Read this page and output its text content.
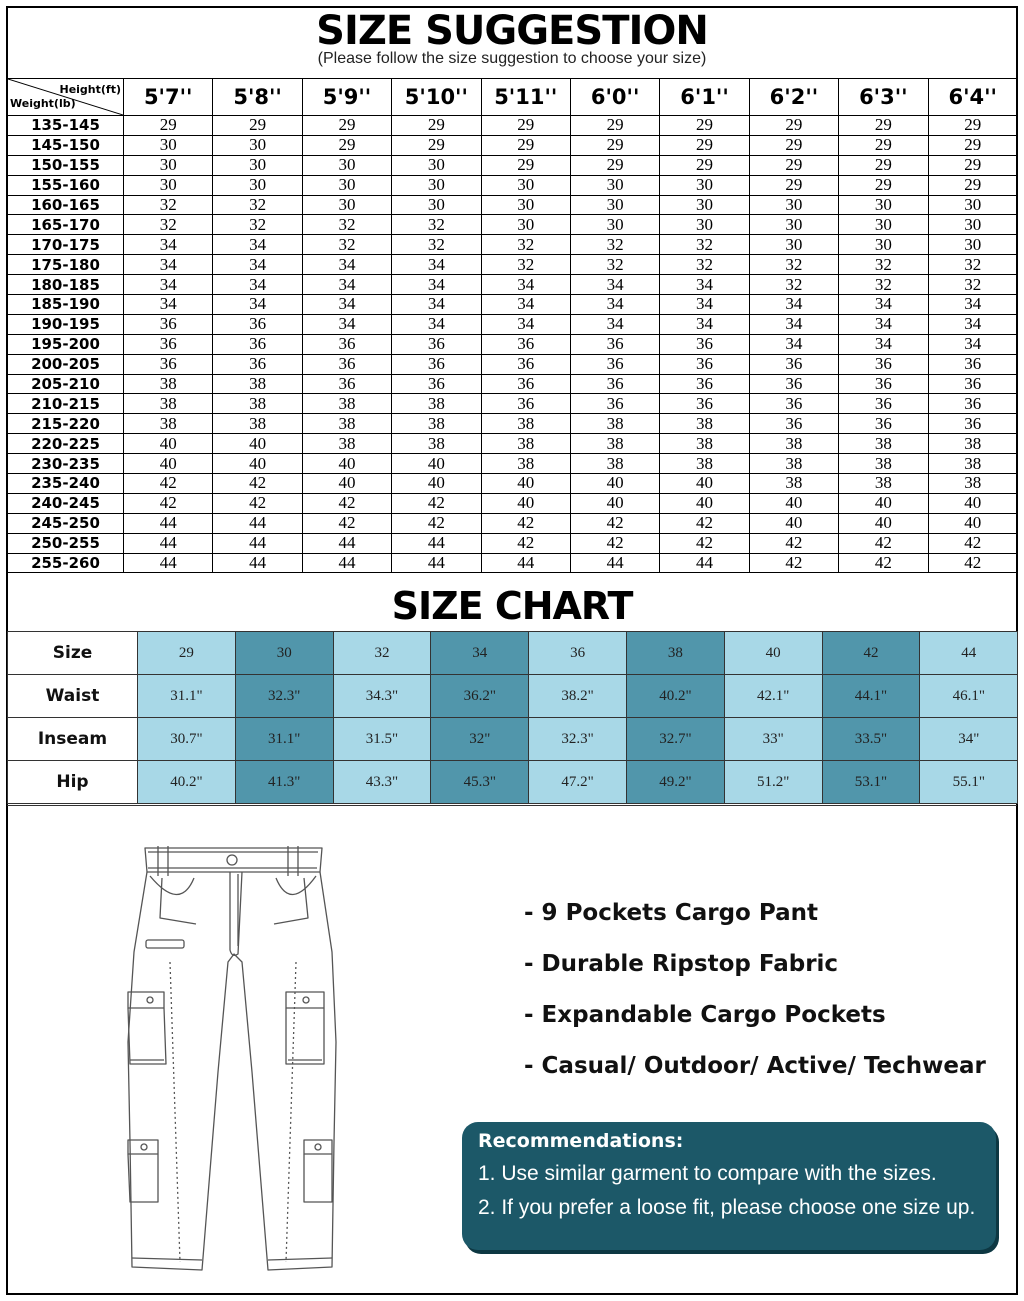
SIZE SUGGESTION
(Please follow the size suggestion to choose your size)
Height(ft)
Weight(lb)	5'7''	5'8''	5'9''	5'10''	5'11''	6'0''	6'1''	6'2''	6'3''	6'4''
135-145	29	29	29	29	29	29	29	29	29	29
145-150	30	30	29	29	29	29	29	29	29	29
150-155	30	30	30	30	29	29	29	29	29	29
155-160	30	30	30	30	30	30	30	29	29	29
160-165	32	32	30	30	30	30	30	30	30	30
165-170	32	32	32	32	30	30	30	30	30	30
170-175	34	34	32	32	32	32	32	30	30	30
175-180	34	34	34	34	32	32	32	32	32	32
180-185	34	34	34	34	34	34	34	32	32	32
185-190	34	34	34	34	34	34	34	34	34	34
190-195	36	36	34	34	34	34	34	34	34	34
195-200	36	36	36	36	36	36	36	34	34	34
200-205	36	36	36	36	36	36	36	36	36	36
205-210	38	38	36	36	36	36	36	36	36	36
210-215	38	38	38	38	36	36	36	36	36	36
215-220	38	38	38	38	38	38	38	36	36	36
220-225	40	40	38	38	38	38	38	38	38	38
230-235	40	40	40	40	38	38	38	38	38	38
235-240	42	42	40	40	40	40	40	38	38	38
240-245	42	42	42	42	40	40	40	40	40	40
245-250	44	44	42	42	42	42	42	40	40	40
250-255	44	44	44	44	42	42	42	42	42	42
255-260	44	44	44	44	44	44	44	42	42	42
SIZE CHART
Size	29	30	32	34	36	38	40	42	44
Waist	31.1"	32.3"	34.3"	36.2"	38.2"	40.2"	42.1"	44.1"	46.1"
Inseam	30.7"	31.1"	31.5"	32"	32.3"	32.7"	33"	33.5"	34"
Hip	40.2"	41.3"	43.3"	45.3"	47.2"	49.2"	51.2"	53.1"	55.1"
- 9 Pockets Cargo Pant
- Durable Ripstop Fabric
- Expandable Cargo Pockets
- Casual/ Outdoor/ Active/ Techwear
Recommendations:
1. Use similar garment to compare with the sizes.
2. If you prefer a loose fit, please choose one size up.
